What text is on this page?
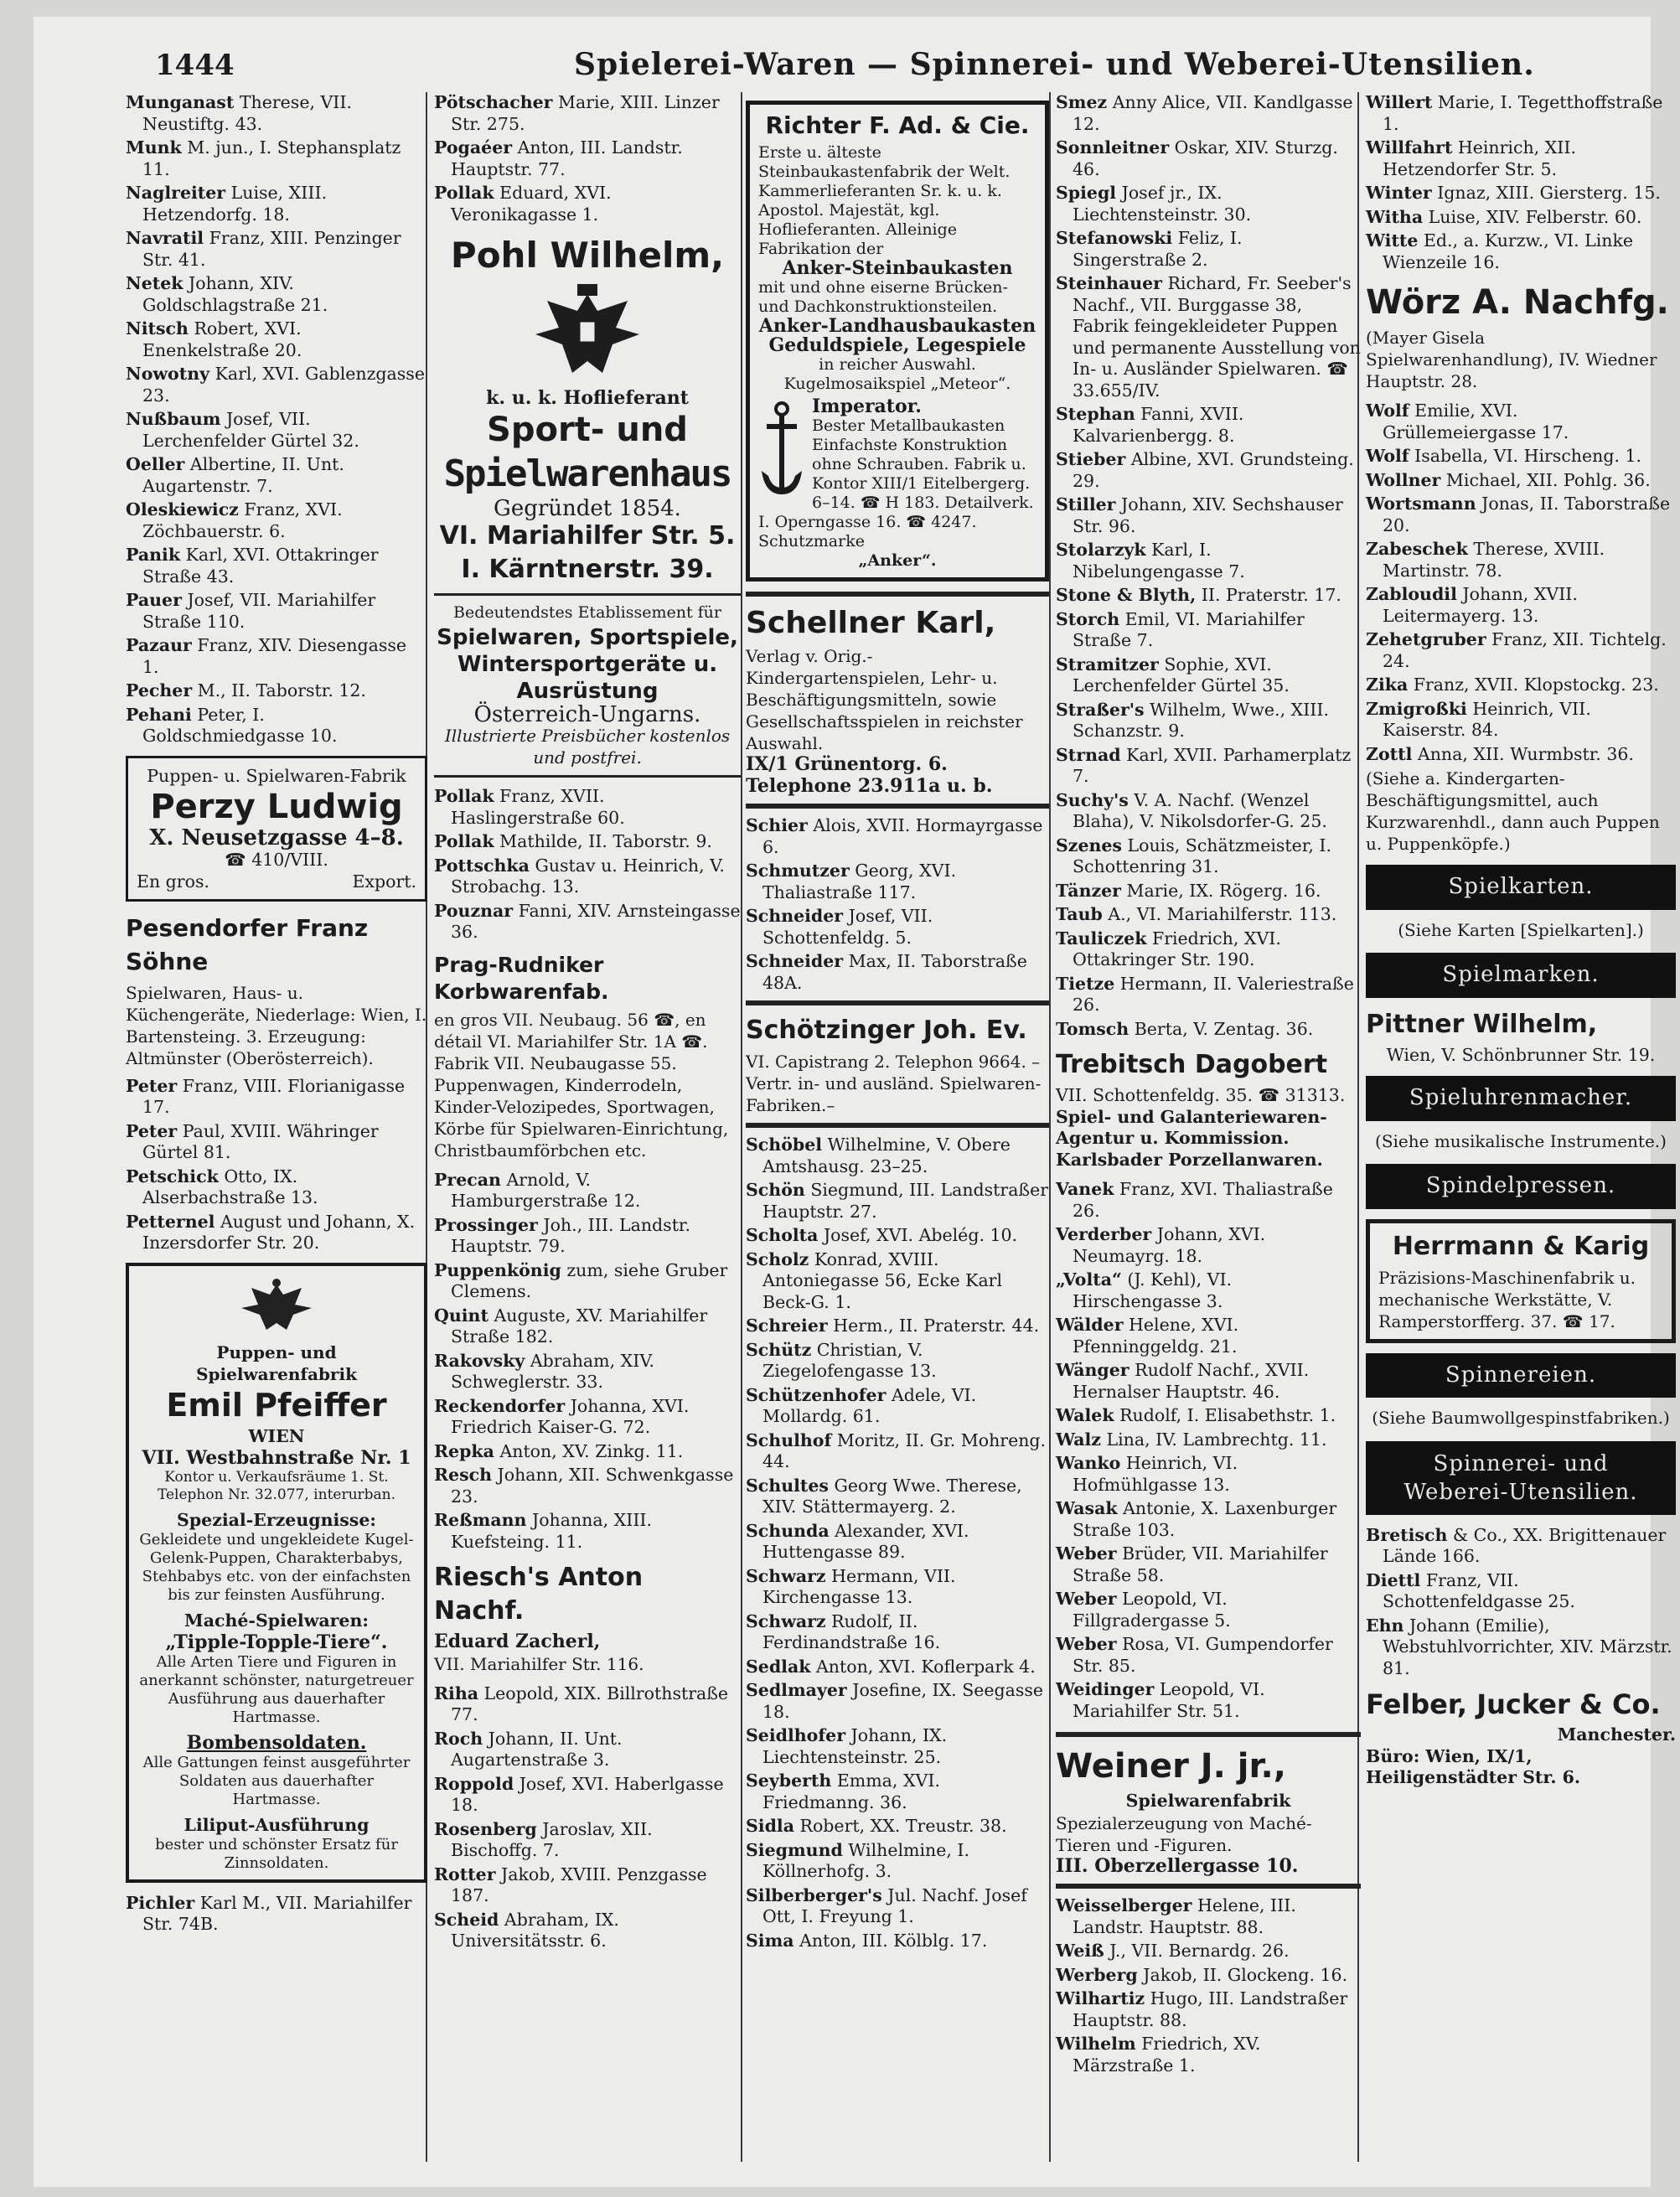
1444	Spielerei-Waren — Spinnerei- und Weberei-Utensilien.

Munganast Therese, VII. Neustiftg. 43.

Munk M. jun., I. Stephansplatz 11.

Naglreiter Luise, XIII. Hetzendorfg. 18.

Navratil Franz, XIII. Penzinger Str. 41.

Netek Johann, XIV. Goldschlagstraße 21.

Nitsch Robert, XVI. Enenkelstraße 20.

Nowotny Karl, XVI. Gablenzgasse 23.

Nußbaum Josef, VII. Lerchenfelder Gürtel 32.

Oeller Albertine, II. Unt. Augartenstr. 7.

Oleskiewicz Franz, XVI. Zöchbauerstr. 6.

Panik Karl, XVI. Ottakringer Straße 43.

Pauer Josef, VII. Mariahilfer Straße 110.

Pazaur Franz, XIV. Diesengasse 1.

Pecher M., II. Taborstr. 12.

Pehani Peter, I. Goldschmiedgasse 10.

Puppen- u. Spielwaren-Fabrik
Perzy Ludwig
X. Neusetzgasse 4–8.
☎ 410/VIII.
En gros.	Export.
Pesendorfer Franz Söhne
Spielwaren, Haus- u. Küchengeräte, Niederlage: Wien, I. Bartensteing. 3. Erzeugung: Altmünster (Oberösterreich).

Peter Franz, VIII. Florianigasse 17.

Peter Paul, XVIII. Währinger Gürtel 81.

Petschick Otto, IX. Alserbachstraße 13.

Petternel August und Johann, X. Inzersdorfer Str. 20.

Puppen- und Spielwarenfabrik
Emil Pfeiffer
WIEN
VII. Westbahnstraße Nr. 1
Kontor u. Verkaufsräume 1. St. Telephon Nr. 32.077, interurban.
Spezial-Erzeugnisse:
Gekleidete und ungekleidete Kugel-Gelenk-Puppen, Charakterbabys, Stehbabys etc. von der einfachsten bis zur feinsten Ausführung.
Maché-Spielwaren:
„Tipple-Topple-Tiere“.
Alle Arten Tiere und Figuren in anerkannt schönster, naturgetreuer Ausführung aus dauerhafter Hartmasse.
Bombensoldaten.
Alle Gattungen feinst ausgeführter Soldaten aus dauerhafter Hartmasse.
Liliput-Ausführung
bester und schönster Ersatz für Zinnsoldaten.

Pichler Karl M., VII. Mariahilfer Str. 74B.

Pötschacher Marie, XIII. Linzer Str. 275.

Pogaéer Anton, III. Landstr. Hauptstr. 77.

Pollak Eduard, XVI. Veronikagasse 1.

Pohl Wilhelm,
k. u. k. Hoflieferant
Sport- und
Spielwarenhaus
Gegründet 1854.
VI. Mariahilfer Str. 5.
I. Kärntnerstr. 39.
Bedeutendstes Etablissement für
Spielwaren, Sportspiele, Wintersportgeräte u. Ausrüstung
Österreich-Ungarns.
Illustrierte Preisbücher kostenlos und postfrei.

Pollak Franz, XVII. Haslingerstraße 60.

Pollak Mathilde, II. Taborstr. 9.

Pottschka Gustav u. Heinrich, V. Strobachg. 13.

Pouznar Fanni, XIV. Arnsteingasse 36.

Prag-Rudniker Korbwarenfab.
en gros VII. Neubaug. 56 ☎, en détail VI. Mariahilfer Str. 1A ☎. Fabrik VII. Neubaugasse 55. Puppenwagen, Kinderrodeln, Kinder-Velozipedes, Sportwagen, Körbe für Spielwaren-Einrichtung, Christbaumförbchen etc.

Precan Arnold, V. Hamburgerstraße 12.

Prossinger Joh., III. Landstr. Hauptstr. 79.

Puppenkönig zum, siehe Gruber Clemens.

Quint Auguste, XV. Mariahilfer Straße 182.

Rakovsky Abraham, XIV. Schweglerstr. 33.

Reckendorfer Johanna, XVI. Friedrich Kaiser-G. 72.

Repka Anton, XV. Zinkg. 11.

Resch Johann, XII. Schwenkgasse 23.

Reßmann Johanna, XIII. Kuefsteing. 11.

Riesch's Anton Nachf.
Eduard Zacherl,
VII. Mariahilfer Str. 116.

Riha Leopold, XIX. Billrothstraße 77.

Roch Johann, II. Unt. Augartenstraße 3.

Roppold Josef, XVI. Haberlgasse 18.

Rosenberg Jaroslav, XII. Bischoffg. 7.

Rotter Jakob, XVIII. Penzgasse 187.

Scheid Abraham, IX. Universitätsstr. 6.

Richter F. Ad. & Cie.
Erste u. älteste Steinbaukastenfabrik der Welt. Kammerlieferanten Sr. k. u. k. Apostol. Majestät, kgl. Hoflieferanten. Alleinige Fabrikation der
Anker-Steinbaukasten
mit und ohne eiserne Brücken- und Dachkonstruktionsteilen.
Anker-Landhausbaukasten Geduldspiele, Legespiele
in reicher Auswahl. Kugelmosaikspiel „Meteor“.
Imperator.
Bester Metallbaukasten Einfachste Konstruktion ohne Schrauben. Fabrik u. Kontor XIII/1 Eitelbergerg. 6–14. ☎ H 183. Detailverk. I. Operngasse 16. ☎ 4247. Schutzmarke
„Anker“.
Schellner Karl,
Verlag v. Orig.-Kindergartenspielen, Lehr- u. Beschäftigungsmitteln, sowie Gesellschaftsspielen in reichster Auswahl.
IX/1 Grünentorg. 6. Telephone 23.911a u. b.

Schier Alois, XVII. Hormayrgasse 6.

Schmutzer Georg, XVI. Thaliastraße 117.

Schneider Josef, VII. Schottenfeldg. 5.

Schneider Max, II. Taborstraße 48A.

Schötzinger Joh. Ev.
VI. Capistrang 2. Telephon 9664. –Vertr. in- und ausländ. Spielwaren-Fabriken.–

Schöbel Wilhelmine, V. Obere Amtshausg. 23–25.

Schön Siegmund, III. Landstraßer Hauptstr. 27.

Scholta Josef, XVI. Abelég. 10.

Scholz Konrad, XVIII. Antoniegasse 56, Ecke Karl Beck-G. 1.

Schreier Herm., II. Praterstr. 44.

Schütz Christian, V. Ziegelofengasse 13.

Schützenhofer Adele, VI. Mollardg. 61.

Schulhof Moritz, II. Gr. Mohreng. 44.

Schultes Georg Wwe. Therese, XIV. Stättermayerg. 2.

Schunda Alexander, XVI. Huttengasse 89.

Schwarz Hermann, VII. Kirchengasse 13.

Schwarz Rudolf, II. Ferdinandstraße 16.

Sedlak Anton, XVI. Koflerpark 4.

Sedlmayer Josefine, IX. Seegasse 18.

Seidlhofer Johann, IX. Liechtensteinstr. 25.

Seyberth Emma, XVI. Friedmanng. 36.

Sidla Robert, XX. Treustr. 38.

Siegmund Wilhelmine, I. Köllnerhofg. 3.

Silberberger's Jul. Nachf. Josef Ott, I. Freyung 1.

Sima Anton, III. Kölblg. 17.

Smez Anny Alice, VII. Kandlgasse 12.

Sonnleitner Oskar, XIV. Sturzg. 46.

Spiegl Josef jr., IX. Liechtensteinstr. 30.

Stefanowski Feliz, I. Singerstraße 2.

Steinhauer Richard, Fr. Seeber's Nachf., VII. Burggasse 38, Fabrik feingekleideter Puppen und permanente Ausstellung von In- u. Ausländer Spielwaren. ☎ 33.655/IV.

Stephan Fanni, XVII. Kalvarienbergg. 8.

Stieber Albine, XVI. Grundsteing. 29.

Stiller Johann, XIV. Sechshauser Str. 96.

Stolarzyk Karl, I. Nibelungengasse 7.

Stone & Blyth, II. Praterstr. 17.

Storch Emil, VI. Mariahilfer Straße 7.

Stramitzer Sophie, XVI. Lerchenfelder Gürtel 35.

Straßer's Wilhelm, Wwe., XIII. Schanzstr. 9.

Strnad Karl, XVII. Parhamerplatz 7.

Suchy's V. A. Nachf. (Wenzel Blaha), V. Nikolsdorfer-G. 25.

Szenes Louis, Schätzmeister, I. Schottenring 31.

Tänzer Marie, IX. Rögerg. 16.

Taub A., VI. Mariahilferstr. 113.

Tauliczek Friedrich, XVI. Ottakringer Str. 190.

Tietze Hermann, II. Valeriestraße 26.

Tomsch Berta, V. Zentag. 36.

Trebitsch Dagobert
VII. Schottenfeldg. 35. ☎ 31313.
Spiel- und Galanteriewaren-Agentur u. Kommission. Karlsbader Porzellanwaren.

Vanek Franz, XVI. Thaliastraße 26.

Verderber Johann, XVI. Neumayrg. 18.

„Volta“ (J. Kehl), VI. Hirschengasse 3.

Wälder Helene, XVI. Pfenninggeldg. 21.

Wänger Rudolf Nachf., XVII. Hernalser Hauptstr. 46.

Walek Rudolf, I. Elisabethstr. 1.

Walz Lina, IV. Lambrechtg. 11.

Wanko Heinrich, VI. Hofmühlgasse 13.

Wasak Antonie, X. Laxenburger Straße 103.

Weber Brüder, VII. Mariahilfer Straße 58.

Weber Leopold, VI. Fillgradergasse 5.

Weber Rosa, VI. Gumpendorfer Str. 85.

Weidinger Leopold, VI. Mariahilfer Str. 51.

Weiner J. jr.,
Spielwarenfabrik
Spezialerzeugung von Maché-Tieren und -Figuren.
III. Oberzellergasse 10.

Weisselberger Helene, III. Landstr. Hauptstr. 88.

Weiß J., VII. Bernardg. 26.

Werberg Jakob, II. Glockeng. 16.

Wilhartiz Hugo, III. Landstraßer Hauptstr. 88.

Wilhelm Friedrich, XV. Märzstraße 1.

Willert Marie, I. Tegetthoffstraße 1.

Willfahrt Heinrich, XII. Hetzendorfer Str. 5.

Winter Ignaz, XIII. Giersterg. 15.

Witha Luise, XIV. Felberstr. 60.

Witte Ed., a. Kurzw., VI. Linke Wienzeile 16.

Wörz A. Nachfg.
(Mayer Gisela Spielwarenhandlung), IV. Wiedner Hauptstr. 28.

Wolf Emilie, XVI. Grüllemeiergasse 17.

Wolf Isabella, VI. Hirscheng. 1.

Wollner Michael, XII. Pohlg. 36.

Wortsmann Jonas, II. Taborstraße 20.

Zabeschek Therese, XVIII. Martinstr. 78.

Zabloudil Johann, XVII. Leitermayerg. 13.

Zehetgruber Franz, XII. Tichtelg. 24.

Zika Franz, XVII. Klopstockg. 23.

Zmigroßki Heinrich, VII. Kaiserstr. 84.

Zottl Anna, XII. Wurmbstr. 36.

(Siehe a. Kindergarten-Beschäftigungsmittel, auch Kurzwarenhdl., dann auch Puppen u. Puppenköpfe.)
Spielkarten.
(Siehe Karten [Spielkarten].)
Spielmarken.
Pittner Wilhelm,
Wien, V. Schönbrunner Str. 19.
Spieluhrenmacher.
(Siehe musikalische Instrumente.)
Spindelpressen.
Herrmann & Karig
Präzisions-Maschinenfabrik u. mechanische Werkstätte, V. Ramperstorfferg. 37. ☎ 17.
Spinnereien.
(Siehe Baumwollgespinstfabriken.)
Spinnerei- und
Weberei-Utensilien.

Bretisch & Co., XX. Brigittenauer Lände 166.

Diettl Franz, VII. Schottenfeldgasse 25.

Ehn Johann (Emilie), Webstuhlvorrichter, XIV. Märzstr. 81.

Felber, Jucker & Co.
Manchester.
Büro: Wien, IX/1, Heiligenstädter Str. 6.
